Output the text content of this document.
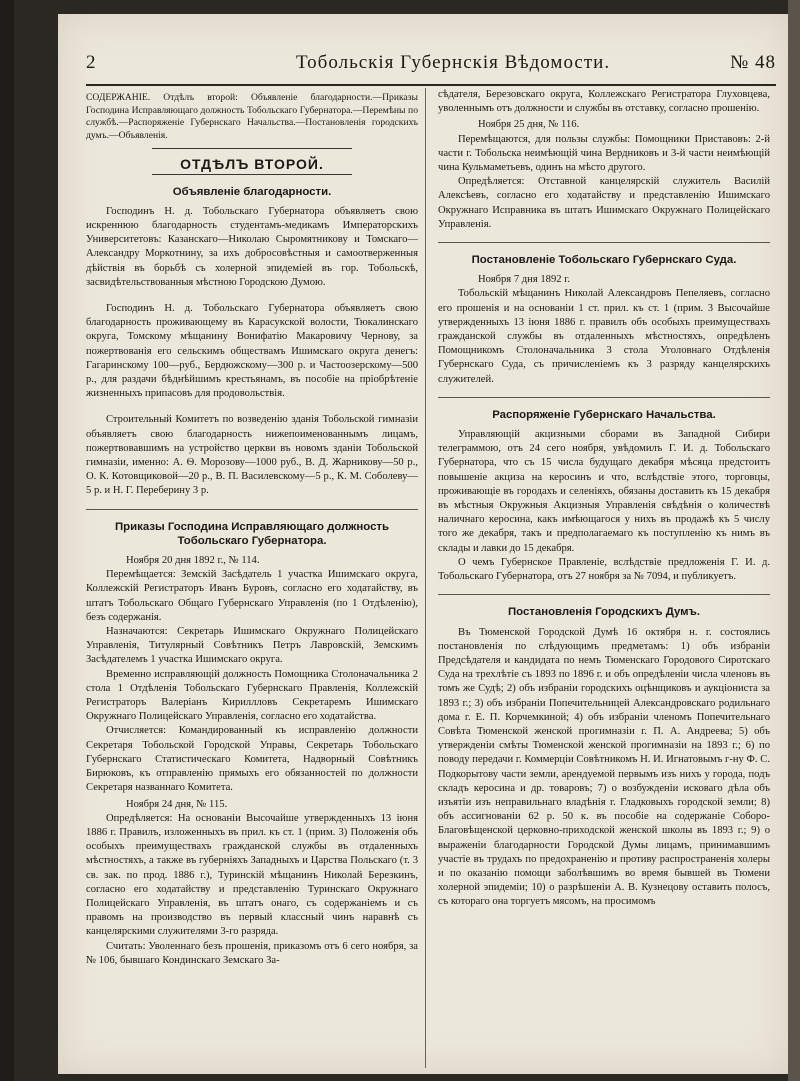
2	Тобольскія Губернскія Вѣдомости.	№ 48

СОДЕРЖАНІЕ. Отдѣлъ второй: Объявленіе благодарности.—Приказы Господина Исправляющаго должность Тобольскаго Губернатора.—Перемѣны по службѣ.—Распоряженіе Губернскаго Начальства.—Постановленія городскихъ думъ.—Объявленія.

ОТДѢЛЪ ВТОРОЙ.
Объявленіе благодарности.

Господинъ Н. д. Тобольскаго Губернатора объявляетъ свою искреннюю благодарность студентамъ-медикамъ Императорскихъ Университетовъ: Казанскаго—Николаю Сыромятникову и Томскаго—Александру Моркотнину, за ихъ добросовѣстныя и самоотверженныя дѣйствія въ борьбѣ съ холерной эпидеміей въ гор. Тобольскѣ, засвидѣтельствованныя мѣстною Городскою Думою.

Господинъ Н. д. Тобольскаго Губернатора объявляетъ свою благодарность проживающему въ Карасукской волости, Тюкалинскаго округа, Томскому мѣщанину Вонифатію Макаровичу Чернову, за пожертвованія его сельскимъ обществамъ Ишимскаго округа денегъ: Гагаринскому 100—руб., Бердюжскому—300 р. и Частоозерскому—500 р., для раздачи бѣднѣйшимъ крестьянамъ, въ пособіе на пріобрѣтеніе жизненныхъ припасовъ для продовольствія.

Строительный Комитетъ по возведенію зданія Тобольской гимназіи объявляетъ свою благодарность нижепоименованнымъ лицамъ, пожертвовавшимъ на устройство церкви въ новомъ зданіи Тобольской гимназіи, именно: А. Ѳ. Морозову—1000 руб., В. Д. Жарникову—50 р., О. К. Котовщиковой—20 р., В. П. Василевскому—5 р., К. М. Соболеву—5 р. и Н. Г. Переберину 3 р.

Приказы Господина Исправляющаго должность Тобольскаго Губернатора.

Ноября 20 дня 1892 г., № 114.

Перемѣщается: Земскій Засѣдатель 1 участка Ишимскаго округа, Коллежскій Регистраторъ Иванъ Буровъ, согласно его ходатайству, въ штатъ Тобольскаго Общаго Губернскаго Управленія (по 1 Отдѣленію), безъ содержанія.

Назначаются: Секретарь Ишимскаго Окружнаго Полицейскаго Управленія, Титулярный Совѣтникъ Петръ Лавровскій, Земскимъ Засѣдателемъ 1 участка Ишимскаго округа.

Временно исправляющій должность Помощника Столоначальника 2 стола 1 Отдѣленія Тобольскаго Губернскаго Правленія, Коллежскій Регистраторъ Валеріанъ Кириллловъ Секретаремъ Ишимскаго Окружнаго Полицейскаго Управленія, согласно его ходатайства.

Отчисляется: Командированный къ исправленію должности Секретаря Тобольской Городской Управы, Секретарь Тобольскаго Губернскаго Статистическаго Комитета, Надворный Совѣтникъ Бирюковъ, къ отправленію прямыхъ его обязанностей по должности Секретаря названнаго Комитета.

Ноября 24 дня, № 115.

Опредѣляется: На основаніи Высочайше утвержденныхъ 13 іюня 1886 г. Правилъ, изложенныхъ въ прил. къ ст. 1 (прим. 3) Положенія объ особыхъ преимуществахъ гражданской службы въ отдаленныхъ мѣстностяхъ, а также въ губерніяхъ Западныхъ и Царства Польскаго (т. 3 св. зак. по прод. 1886 г.), Туринскій мѣщанинъ Николай Березкинъ, согласно его ходатайству и представленію Туринскаго Окружнаго Полицейскаго Управленія, въ штатъ онаго, съ содержаніемъ и съ правомъ на производство въ первый классный чинъ наравнѣ съ канцелярскими служителями 3-го разряда.

Считать: Уволеннаго безъ прошенія, приказомъ отъ 6 сего ноября, за № 106, бывшаго Кондинскаго Земскаго За-

сѣдателя, Березовскаго округа, Коллежскаго Регистратора Глуховцева, уволеннымъ отъ должности и службы въ отставку, согласно прошенію.

Ноября 25 дня, № 116.

Перемѣщаются, для пользы службы: Помощники Приставовъ: 2-й части г. Тобольска неимѣющій чина Вердниковъ и 3-й части неимѣющій чина Кульмаметьевъ, одинъ на мѣсто другого.

Опредѣляется: Отставной канцелярскій служитель Василій Алексѣевъ, согласно его ходатайству и представленію Ишимскаго Окружнаго Исправника въ штатъ Ишимскаго Окружнаго Полицейскаго Управленія.

Постановленіе Тобольскаго Губернскаго Суда.

Ноября 7 дня 1892 г.

Тобольскій мѣщанинъ Николай Александровъ Пепеляевъ, согласно его прошенія и на основаніи 1 ст. прил. къ ст. 1 (прим. 3 Высочайше утвержденныхъ 13 іюня 1886 г. правилъ объ особыхъ преимуществахъ гражданской службы въ отдаленныхъ мѣстностяхъ, опредѣленъ Помощникомъ Столоначальника 3 стола Уголовнаго Отдѣленія Губернскаго Суда, съ причисленіемъ къ 3 разряду канцелярскихъ служителей.

Распоряженіе Губернскаго Начальства.

Управляющій акцизными сборами въ Западной Сибири телеграммою, отъ 24 сего ноября, увѣдомилъ Г. И. д. Тобольскаго Губернатора, что съ 15 числа будущаго декабря мѣсяца предстоитъ повышеніе акциза на керосинъ и что, вслѣдствіе этого, торговцы, проживающіе въ городахъ и селеніяхъ, обязаны доставить къ 15 декабря въ мѣстныя Окружныя Акцизныя Управленія свѣдѣнія о количествѣ наличнаго керосина, какъ имѣющагося у нихъ въ продажѣ къ 5 числу того же декабря, такъ и предполагаемаго къ поступленію къ нимъ въ склады и лавки до 15 декабря.

О чемъ Губернское Правленіе, вслѣдствіе предложенія Г. И. д. Тобольскаго Губернатора, отъ 27 ноября за № 7094, и публикуетъ.

Постановленія Городскихъ Думъ.

Въ Тюменской Городской Думѣ 16 октября н. г. состоялись постановленія по слѣдующимъ предметамъ: 1) объ избраніи Предсѣдателя и кандидата по немъ Тюменскаго Городового Сиротскаго Суда на трехлѣтіе съ 1893 по 1896 г. и объ опредѣленіи числа членовъ въ томъ же Судѣ; 2) объ избраніи городскихъ оцѣнщиковъ и аукціониста за 1893 г.; 3) объ избраніи Попечительницей Александровскаго родильнаго дома г. Е. П. Корчемкиной; 4) объ избраніи членомъ Попечительнаго Совѣта Тюменской женской прогимназіи г. П. А. Андреева; 5) объ утвержденіи смѣты Тюменской женской прогимназіи на 1893 г.; 6) по поводу передачи г. Коммерціи Совѣтникомъ Н. И. Игнатовымъ г-ну Ф. С. Подкорытову части земли, арендуемой первымъ изъ нихъ у города, подъ складъ керосина и др. товаровъ; 7) о возбужденіи исковаго дѣла объ изъятіи изъ неправильнаго владѣнія г. Гладковыхъ городской земли; 8) объ ассигнованіи 62 р. 50 к. въ пособіе на содержаніе Соборо-Благовѣщенской церковно-приходской женской школы въ 1893 г.; 9) о выраженіи благодарности Городской Думы лицамъ, принимавшимъ участіе въ трудахъ по предохраненію и противу распространенія холеры и по оказанію помощи заболѣвшимъ во время бывшей въ Тюмени холерной эпидеміи; 10) о разрѣшеніи А. В. Кузнецову оставить полосъ, съ котораго она торгуетъ мясомъ, на просимомъ
